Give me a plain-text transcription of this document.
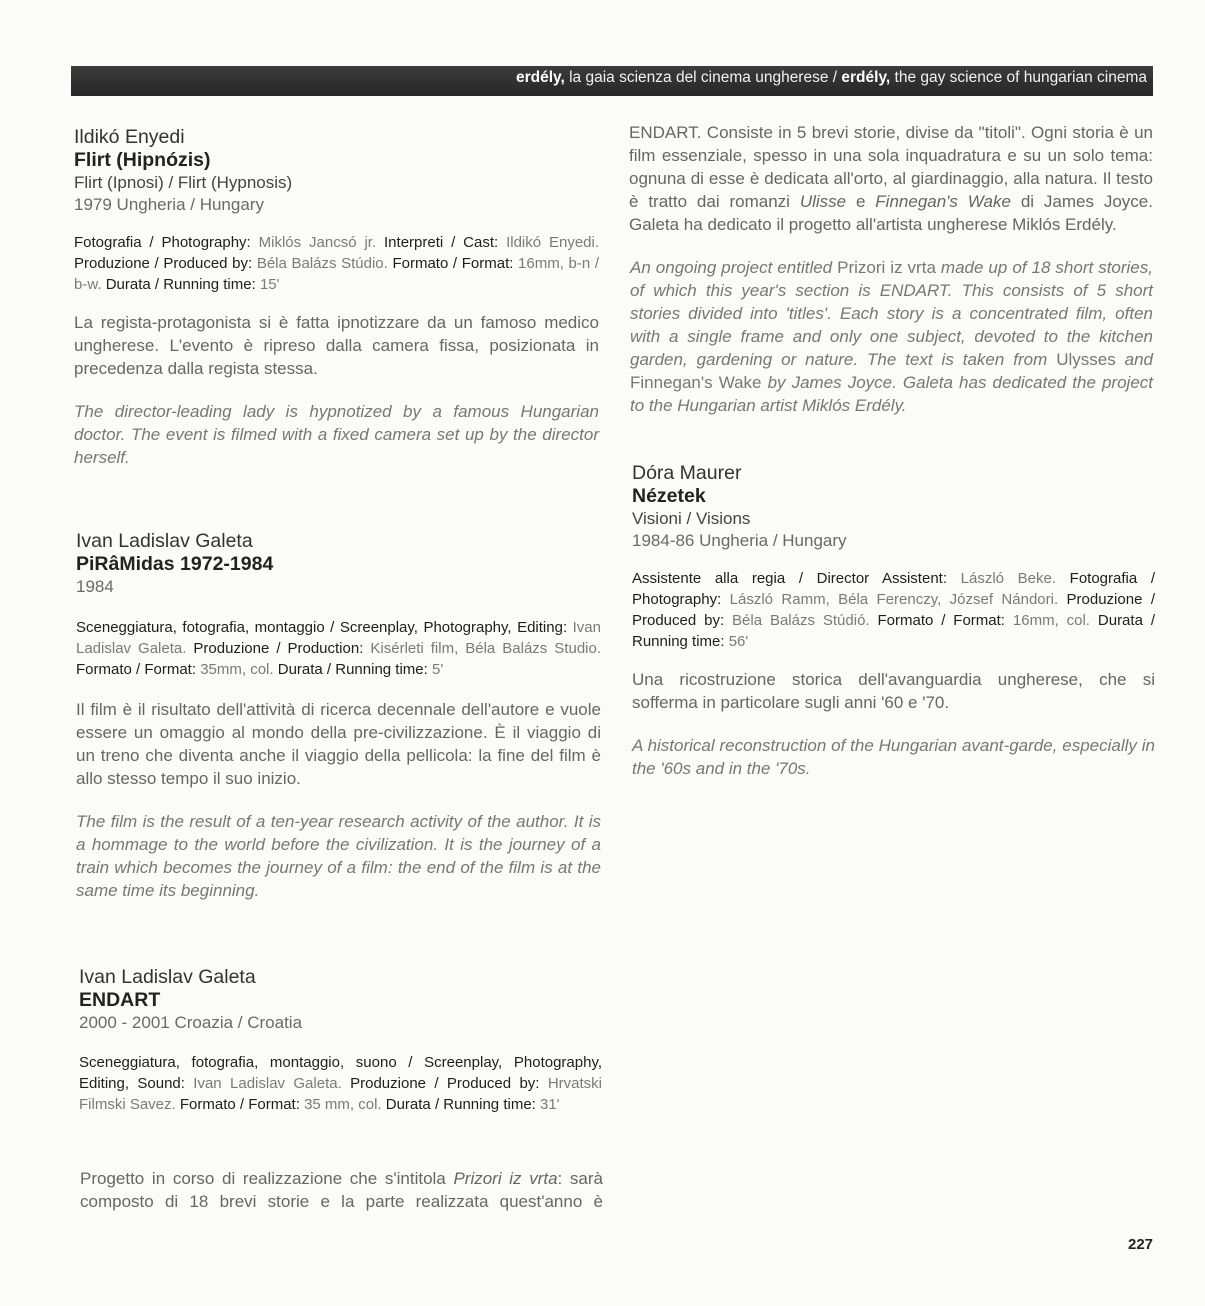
erdély, la gaia scienza del cinema ungherese / erdély, the gay science of hungarian cinema
Ildikó Enyedi
Flirt (Hipnózis)
Flirt (Ipnosi) / Flirt (Hypnosis)
1979 Ungheria / Hungary

Fotografia / Photography: Miklós Jancsó jr. Interpreti / Cast: Ildikó Enyedi. Produzione / Produced by: Béla Balázs Stúdio. Formato / Format: 16mm, b-n / b-w. Durata / Running time: 15'

La regista-protagonista si è fatta ipnotizzare da un famoso medico ungherese. L'evento è ripreso dalla camera fissa, posizionata in precedenza dalla regista stessa.

The director-leading lady is hypnotized by a famous Hungarian doctor. The event is filmed with a fixed camera set up by the director herself.

Ivan Ladislav Galeta
PiRâMidas 1972-1984
1984

Sceneggiatura, fotografia, montaggio / Screenplay, Photography, Editing: Ivan Ladislav Galeta. Produzione / Production: Kisérleti film, Béla Balázs Studio. Formato / Format: 35mm, col. Durata / Running time: 5'

Il film è il risultato dell'attività di ricerca decennale dell'autore e vuole essere un omaggio al mondo della pre-civilizzazione. È il viaggio di un treno che diventa anche il viaggio della pellicola: la fine del film è allo stesso tempo il suo inizio.

The film is the result of a ten-year research activity of the author. It is a hommage to the world before the civilization. It is the journey of a train which becomes the journey of a film: the end of the film is at the same time its beginning.

Ivan Ladislav Galeta
ENDART
2000 - 2001 Croazia / Croatia

Sceneggiatura, fotografia, montaggio, suono / Screenplay, Photography, Editing, Sound: Ivan Ladislav Galeta. Produzione / Produced by: Hrvatski Filmski Savez. Formato / Format: 35 mm, col. Durata / Running time: 31'

Progetto in corso di realizzazione che s'intitola Prizori iz vrta: sarà composto di 18 brevi storie e la parte realizzata quest'anno è

ENDART. Consiste in 5 brevi storie, divise da "titoli". Ogni storia è un film essenziale, spesso in una sola inquadratura e su un solo tema: ognuna di esse è dedicata all'orto, al giardinaggio, alla natura. Il testo è tratto dai romanzi Ulisse e Finnegan's Wake di James Joyce. Galeta ha dedicato il progetto all'artista ungherese Miklós Erdély.

An ongoing project entitled Prizori iz vrta made up of 18 short stories, of which this year's section is ENDART. This consists of 5 short stories divided into 'titles'. Each story is a concentrated film, often with a single frame and only one subject, devoted to the kitchen garden, gardening or nature. The text is taken from Ulysses and Finnegan's Wake by James Joyce. Galeta has dedicated the project to the Hungarian artist Miklós Erdély.

Dóra Maurer
Nézetek
Visioni / Visions
1984-86 Ungheria / Hungary

Assistente alla regia / Director Assistent: László Beke. Fotografia / Photography: László Ramm, Béla Ferenczy, József Nándori. Produzione / Produced by: Béla Balázs Stúdió. Formato / Format: 16mm, col. Durata / Running time: 56'

Una ricostruzione storica dell'avanguardia ungherese, che si sofferma in particolare sugli anni '60 e '70.

A historical reconstruction of the Hungarian avant-garde, especially in the '60s and in the '70s.

227
